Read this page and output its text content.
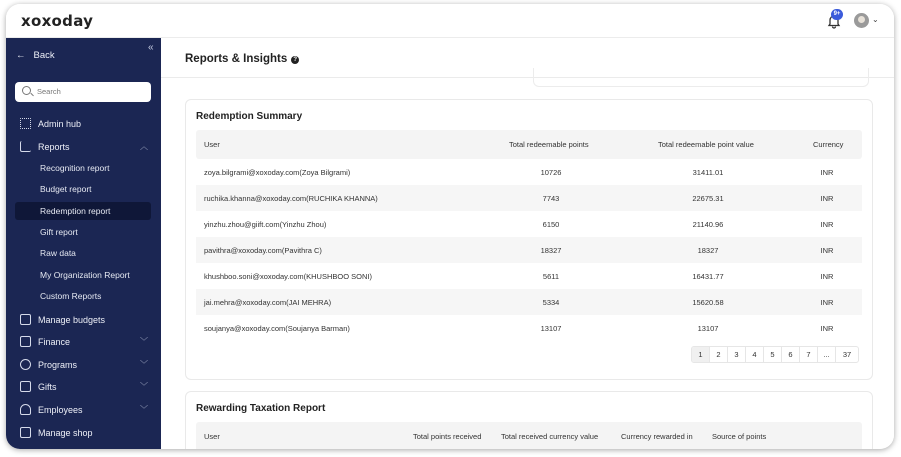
xoxoday	9+
⌄
«
← Back
Search
Admin hub
Reports	︿
Recognition report
Budget report
Redemption report
Gift report
Raw data
My Organization Report
Custom Reports
Manage budgets
Finance	﹀
Programs	﹀
Gifts	﹀
Employees	﹀
Manage shop
Reports & Insights ?
Redemption Summary
User	Total redeemable points	Total redeemable point value	Currency
zoya.bilgrami@xoxoday.com(Zoya Bilgrami)	10726	31411.01	INR
ruchika.khanna@xoxoday.com(RUCHIKA KHANNA)	7743	22675.31	INR
yinzhu.zhou@giift.com(Yinzhu Zhou)	6150	21140.96	INR
pavithra@xoxoday.com(Pavithra C)	18327	18327	INR
khushboo.soni@xoxoday.com(KHUSHBOO SONI)	5611	16431.77	INR
jai.mehra@xoxoday.com(JAI MEHRA)	5334	15620.58	INR
soujanya@xoxoday.com(Soujanya Barman)	13107	13107	INR
1	2	3	4	5	6	7	...	37
Rewarding Taxation Report
User	Total points received	Total received currency value	Currency rewarded in	Source of points
